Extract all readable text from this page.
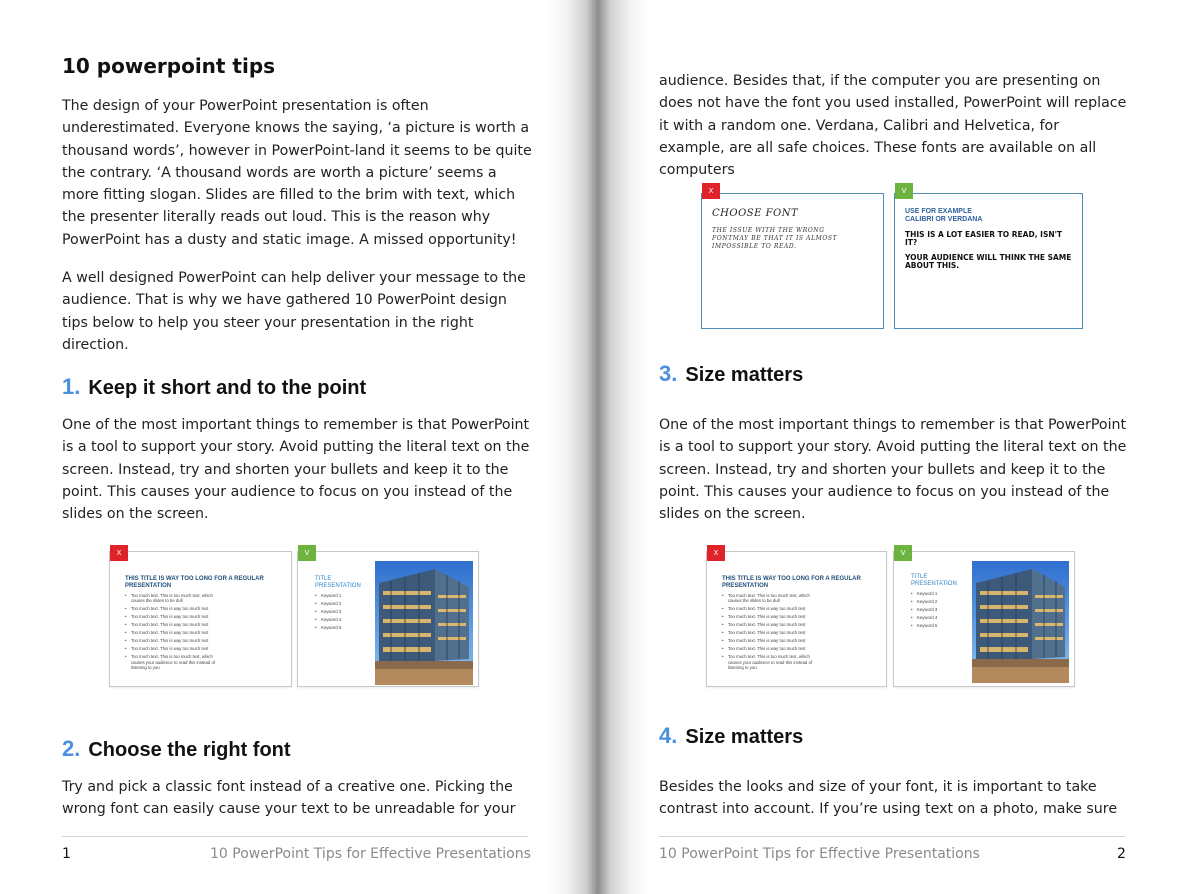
10 powerpoint tips

The design of your PowerPoint presentation is often underestimated. Everyone knows the saying, ‘a picture is worth a thousand words’, however in PowerPoint-land it seems to be quite the contrary. ‘A thousand words are worth a picture’ seems a more fitting slogan. Slides are filled to the brim with text, which the presenter literally reads out loud. This is the reason why PowerPoint has a dusty and static image. A missed opportunity!

A well designed PowerPoint can help deliver your message to the audience. That is why we have gathered 10 PowerPoint design tips below to help you steer your presentation in the right direction.

1. Keep it short and to the point

One of the most important things to remember is that PowerPoint is a tool to support your story. Avoid putting the literal text on the screen. Instead, try and shorten your bullets and keep it to the point. This causes your audience to focus on you instead of the slides on the screen.

X
THIS TITLE IS WAY TOO LONG FOR A REGULAR PRESENTATION
• Too much text. This is too much text, which causes the slides to be dull
• Too much text. This is way too much text
• Too much text. This is way too much text
• Too much text. This is way too much text
• Too much text. This is way too much text
• Too much text. This is way too much text
• Too much text. This is way too much text
• Too much text. This is too much text, which causes your audience to read this instead of listening to you
V
TITLE
PRESENTATION
• Keyword 1
• Keyword 2
• Keyword 3
• Keyword 4
• Keyword 5
2. Choose the right font

Try and pick a classic font instead of a creative one. Picking the wrong font can easily cause your text to be unreadable for your

1	10 PowerPoint Tips for Effective Presentations

audience. Besides that, if the computer you are presenting on does not have the font you used installed, PowerPoint will replace it with a random one. Verdana, Calibri and Helvetica, for example, are all safe choices. These fonts are available on all computers

X
CHOOSE FONT
THE ISSUE WITH THE WRONG FONTMAY BE THAT IT IS ALMOST IMPOSSIBLE TO READ.
V
USE FOR EXAMPLE
CALIBRI OR VERDANA
THIS IS A LOT EASIER TO READ, ISN'T IT?
YOUR AUDIENCE WILL THINK THE SAME ABOUT THIS.
3. Size matters

One of the most important things to remember is that PowerPoint is a tool to support your story. Avoid putting the literal text on the screen. Instead, try and shorten your bullets and keep it to the point. This causes your audience to focus on you instead of the slides on the screen.

X
THIS TITLE IS WAY TOO LONG FOR A REGULAR PRESENTATION
• Too much text. This is too much text, which causes the slides to be dull
• Too much text. This is way too much text
• Too much text. This is way too much text
• Too much text. This is way too much text
• Too much text. This is way too much text
• Too much text. This is way too much text
• Too much text. This is way too much text
• Too much text. This is too much text, which causes your audience to read this instead of listening to you
V
TITLE
PRESENTATION
• Keyword 1
• Keyword 2
• Keyword 3
• Keyword 4
• Keyword 5
4. Size matters

Besides the looks and size of your font, it is important to take contrast into account. If you’re using text on a photo, make sure

10 PowerPoint Tips for Effective Presentations	2
